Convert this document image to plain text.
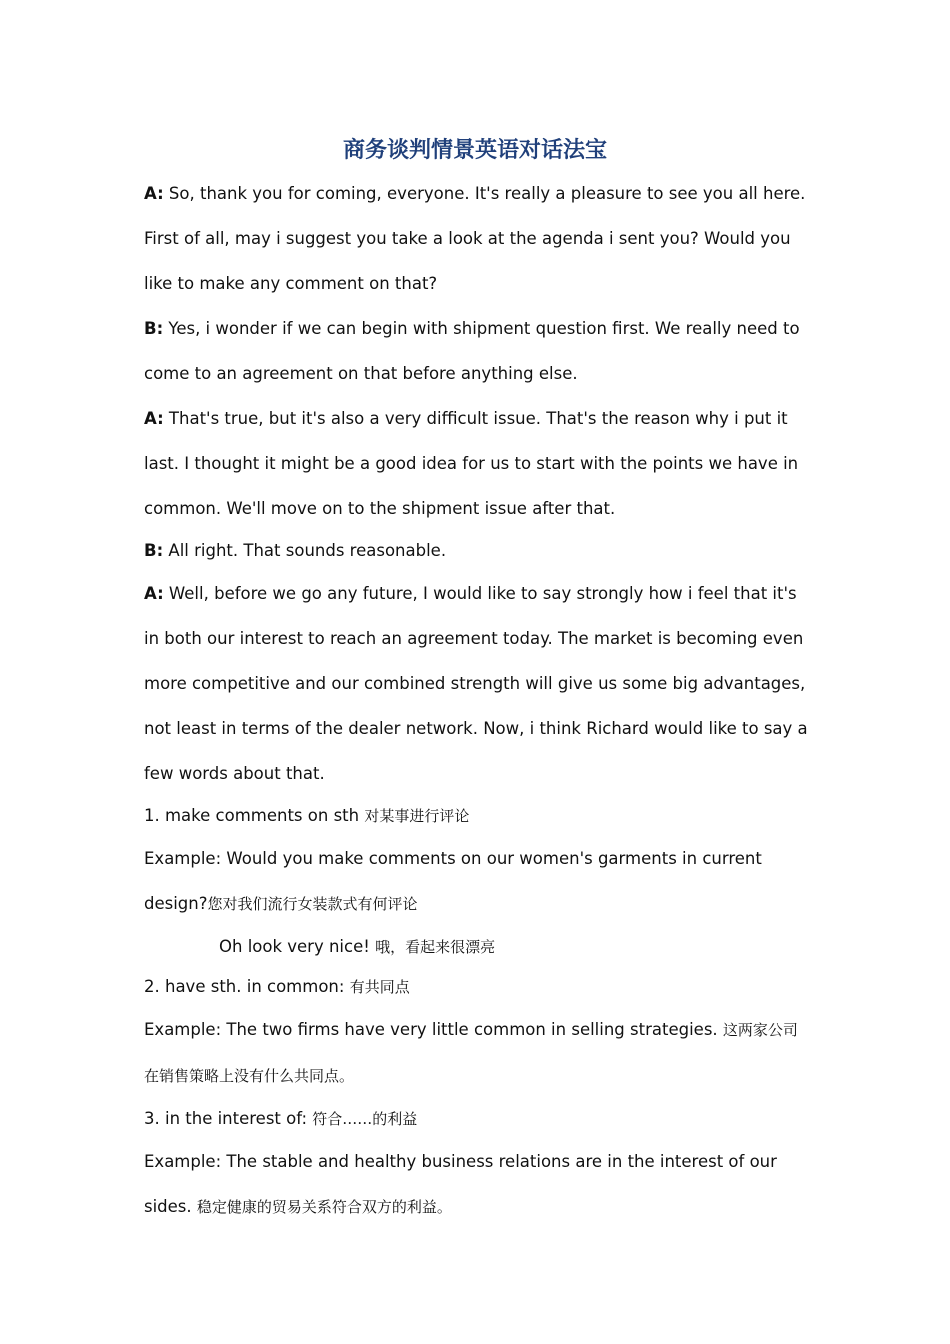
商务谈判情景英语对话法宝

A: So, thank you for coming, everyone. It's really a pleasure to see you all here. First of all, may i suggest you take a look at the agenda i sent you? Would you like to make any comment on that?

B: Yes, i wonder if we can begin with shipment question first. We really need to come to an agreement on that before anything else.

A: That's true, but it's also a very difficult issue. That's the reason why i put it last. I thought it might be a good idea for us to start with the points we have in common. We'll move on to the shipment issue after that.

B: All right. That sounds reasonable.

A: Well, before we go any future, I would like to say strongly how i feel that it's in both our interest to reach an agreement today. The market is becoming even more competitive and our combined strength will give us some big advantages, not least in terms of the dealer network. Now, i think Richard would like to say a few words about that.

1. make comments on sth 对某事进行评论

Example: Would you make comments on our women's garments in current design?您对我们流行女装款式有何评论

Oh look very nice! 哦，看起来很漂亮

2. have sth. in common: 有共同点

Example: The two firms have very little common in selling strategies. 这两家公司在销售策略上没有什么共同点。

3. in the interest of: 符合……的利益

Example: The stable and healthy business relations are in the interest of our sides. 稳定健康的贸易关系符合双方的利益。
